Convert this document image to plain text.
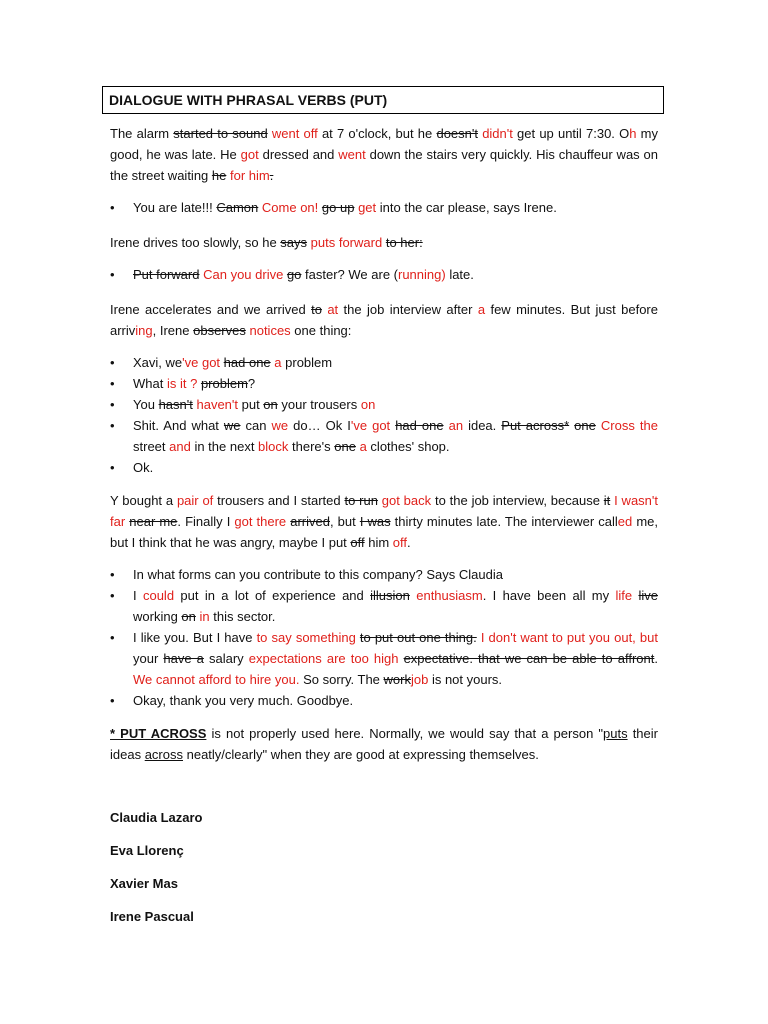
DIALOGUE WITH PHRASAL VERBS (PUT)

The alarm started to sound went off at 7 o'clock, but he doesn't didn't get up until 7:30. Oh my good, he was late. He got dressed and went down the stairs very quickly. His chauffeur was on the street waiting he for him.

• You are late!!! Camon Come on! go up get into the car please, says Irene.

Irene drives too slowly, so he says puts forward to her:

• Put forward Can you drive go faster? We are (running) late.

Irene accelerates and we arrived to at the job interview after a few minutes. But just before arriving, Irene observes notices one thing:

• Xavi, we've got had one a problem
• What is it ? problem?
• You hasn't haven't put on your trousers on
• Shit. And what we can we do… Ok I've got had one an idea. Put across* one Cross the street and in the next block there's one a clothes' shop.
• Ok.

Y bought a pair of trousers and I started to run got back to the job interview, because it I wasn't far near me. Finally I got there arrived, but I was thirty minutes late. The interviewer called me, but I think that he was angry, maybe I put off him off.

• In what forms can you contribute to this company? Says Claudia
• I could put in a lot of experience and illusion enthusiasm. I have been all my life live working on in this sector.
• I like you. But I have to say something to put out one thing. I don't want to put you out, but your have a salary expectations are too high expectative. that we can be able to affront. We cannot afford to hire you. So sorry. The workjob is not yours.
• Okay, thank you very much. Goodbye.

* PUT ACROSS is not properly used here. Normally, we would say that a person "puts their ideas across neatly/clearly" when they are good at expressing themselves.

Claudia Lazaro
Eva Llorenç
Xavier Mas
Irene Pascual
